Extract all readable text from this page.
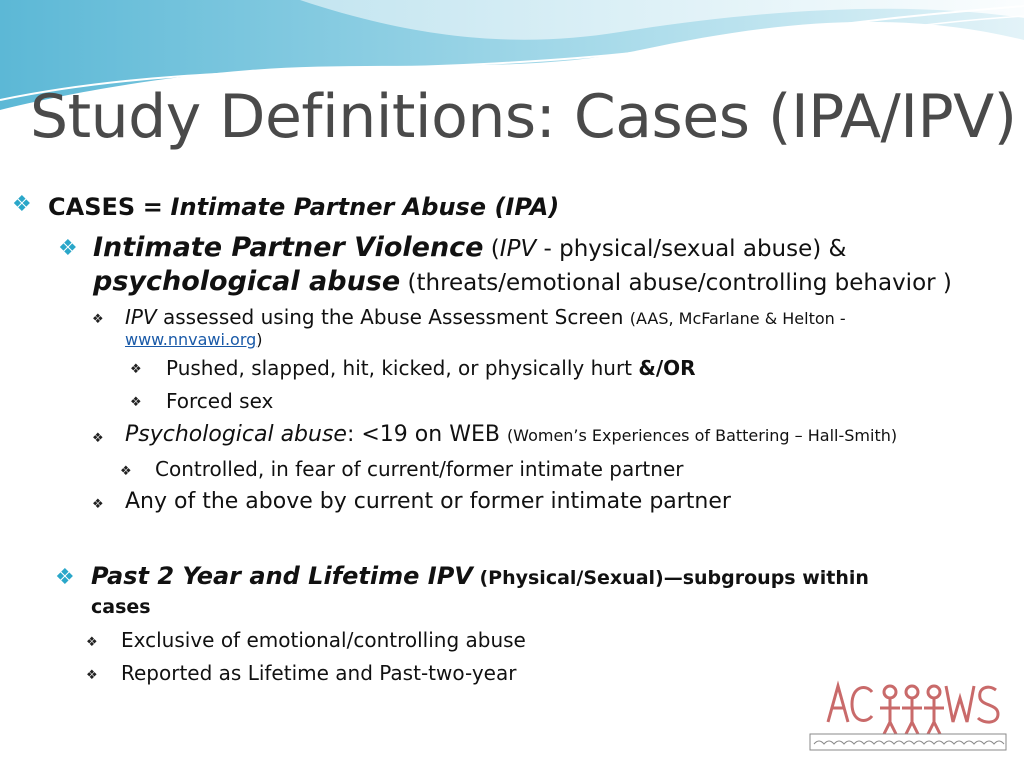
Study Definitions: Cases (IPA/IPV)
❖ CASES = Intimate Partner Abuse (IPA)
❖ Intimate Partner Violence (IPV - physical/sexual abuse) &
psychological abuse (threats/emotional abuse/controlling behavior )
❖ IPV assessed using the Abuse Assessment Screen (AAS, McFarlane & Helton -
www.nnvawi.org)
❖ Pushed, slapped, hit, kicked, or physically hurt &/OR
❖ Forced sex
❖ Psychological abuse: <19 on WEB (Women’s Experiences of Battering – Hall-Smith)
❖ Controlled, in fear of current/former intimate partner
❖ Any of the above by current or former intimate partner
❖ Past 2 Year and Lifetime IPV (Physical/Sexual)—subgroups within
cases
❖ Exclusive of emotional/controlling abuse
❖ Reported as Lifetime and Past-two-year
ACAWS
